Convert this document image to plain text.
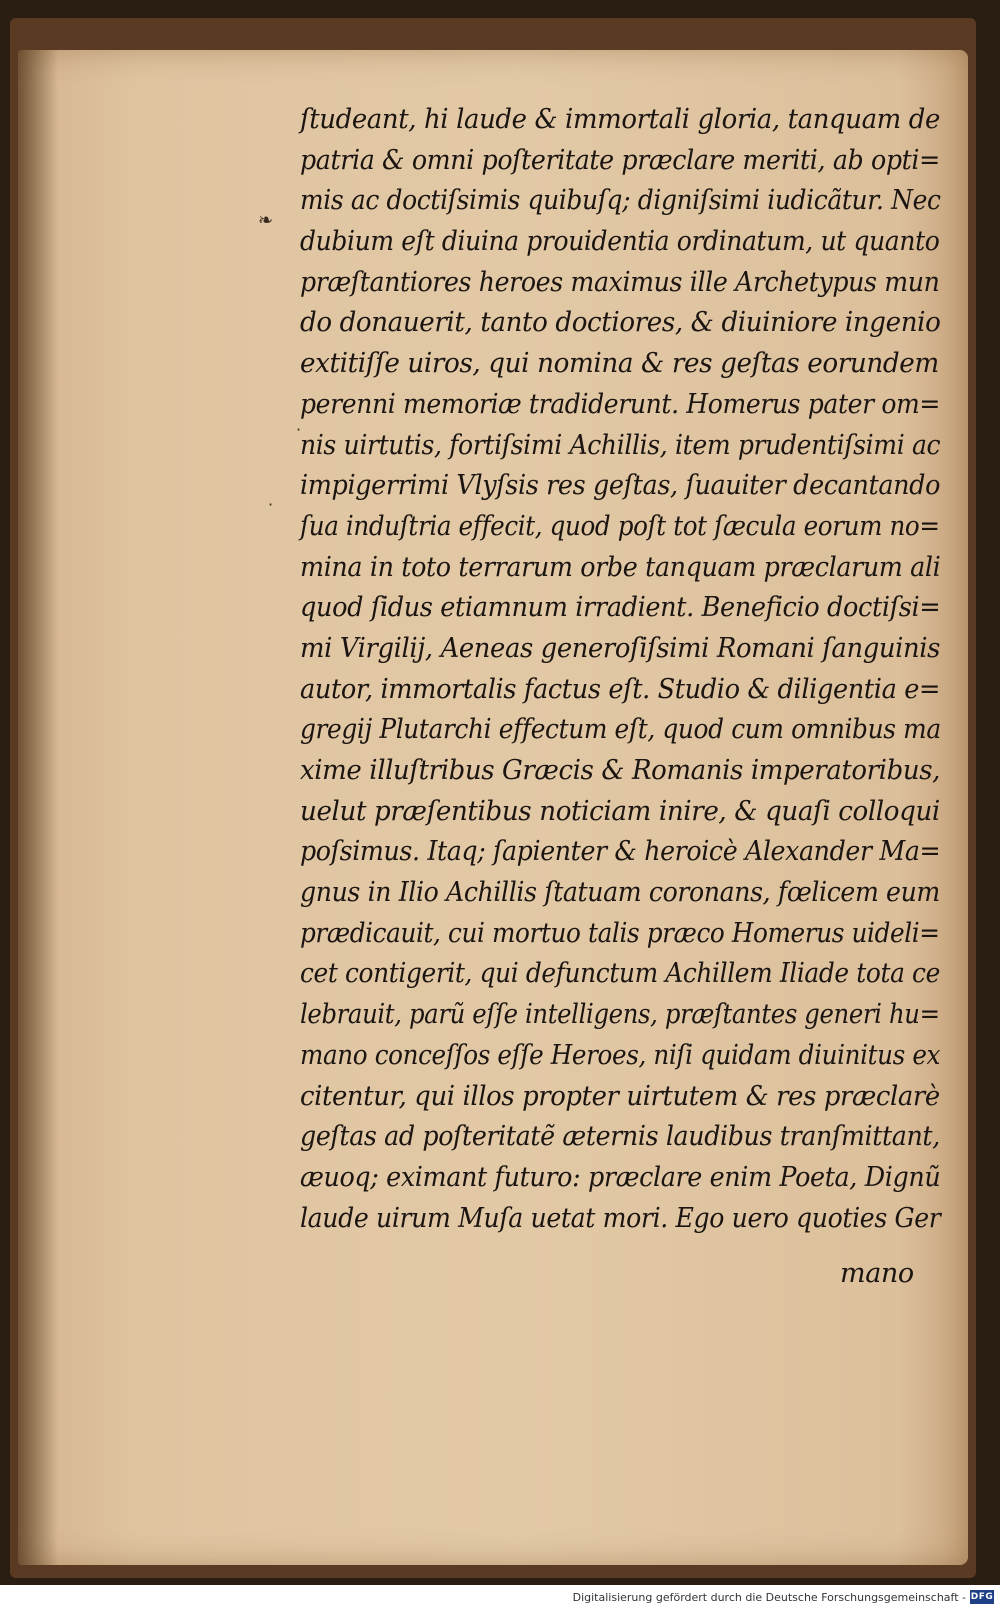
❧
·
·
ſtudeant, hi laude & immortali gloria, tanquam de
patria & omni poſteritate præclare meriti, ab opti=
mis ac doctiſsimis quibuſq; digniſsimi iudicãtur. Nec
dubium eſt diuina prouidentia ordinatum, ut quanto
præſtantiores heroes maximus ille Archetypus mun
do donauerit, tanto doctiores, & diuiniore ingenio
extitiſſe uiros, qui nomina & res geſtas eorundem
perenni memoriæ tradiderunt. Homerus pater om=
nis uirtutis, fortiſsimi Achillis, item prudentiſsimi ac
impigerrimi Vlyſsis res geſtas, ſuauiter decantando
ſua induſtria effecit, quod poſt tot ſæcula eorum no=
mina in toto terrarum orbe tanquam præclarum ali
quod ſidus etiamnum irradient. Beneficio doctiſsi=
mi Virgilij, Aeneas generoſiſsimi Romani ſanguinis
autor, immortalis factus eſt. Studio & diligentia e=
gregij Plutarchi effectum eſt, quod cum omnibus ma
xime illuſtribus Græcis & Romanis imperatoribus,
uelut præſentibus noticiam inire, & quaſi colloqui
poſsimus. Itaq; ſapienter & heroicè Alexander Ma=
gnus in Ilio Achillis ſtatuam coronans, fœlicem eum
prædicauit, cui mortuo talis præco Homerus uideli=
cet contigerit, qui defunctum Achillem Iliade tota ce
lebrauit, parũ eſſe intelligens, præſtantes generi hu=
mano conceſſos eſſe Heroes, niſi quidam diuinitus ex
citentur, qui illos propter uirtutem & res præclarè
geſtas ad poſteritatẽ æternis laudibus tranſmittant,
æuoq; eximant futuro: præclare enim Poeta, Dignũ
laude uirum Muſa uetat mori. Ego uero quoties Ger
mano
Digitalisierung gefördert durch die Deutsche Forschungsgemeinschaft - DFG
